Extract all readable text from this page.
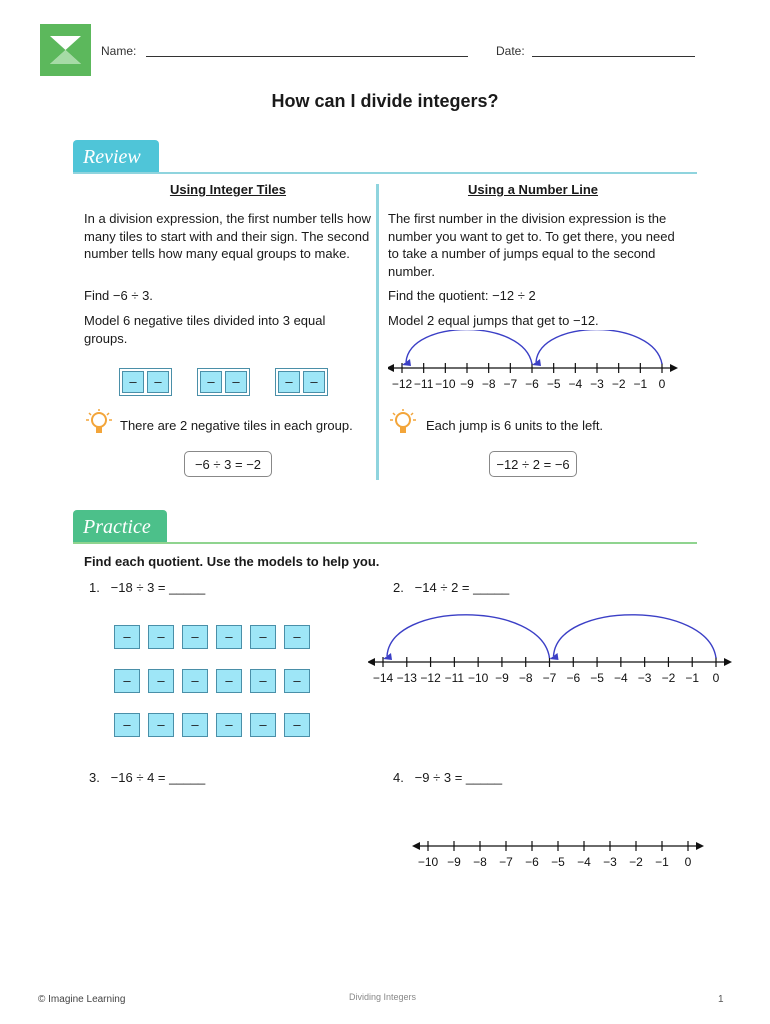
Name:	Date:
How can I divide integers?
Review
Using Integer Tiles	Using a Number Line
In a division expression, the first number tells how many tiles to start with and their sign. The second number tells how many equal groups to make.
Find −6 ÷ 3.
Model 6 negative tiles divided into 3 equal groups.
–	–	–	–	–	–
There are 2 negative tiles in each group.
−6 ÷ 3 = −2
The first number in the division expression is the number you want to get to. To get there, you need to take a number of jumps equal to the second number.
Find the quotient: −12 ÷ 2
Model 2 equal jumps that get to −12.
−12 −11 −10 −9 −8 −7 −6 −5 −4 −3 −2 −1 0
Each jump is 6 units to the left.
−12 ÷ 2 = −6
Practice
Find each quotient. Use the models to help you.
1.   −18 ÷ 3 = _____	2.   −14 ÷ 2 = _____
–	–	–	–	–	–
–	–	–	–	–	–
–	–	–	–	–	–
−14 −13 −12 −11 −10 −9 −8 −7 −6 −5 −4 −3 −2 −1 0
3.   −16 ÷ 4 = _____	4.   −9 ÷ 3 = _____
−10 −9 −8 −7 −6 −5 −4 −3 −2 −1 0
© Imagine Learning	Dividing Integers	1
